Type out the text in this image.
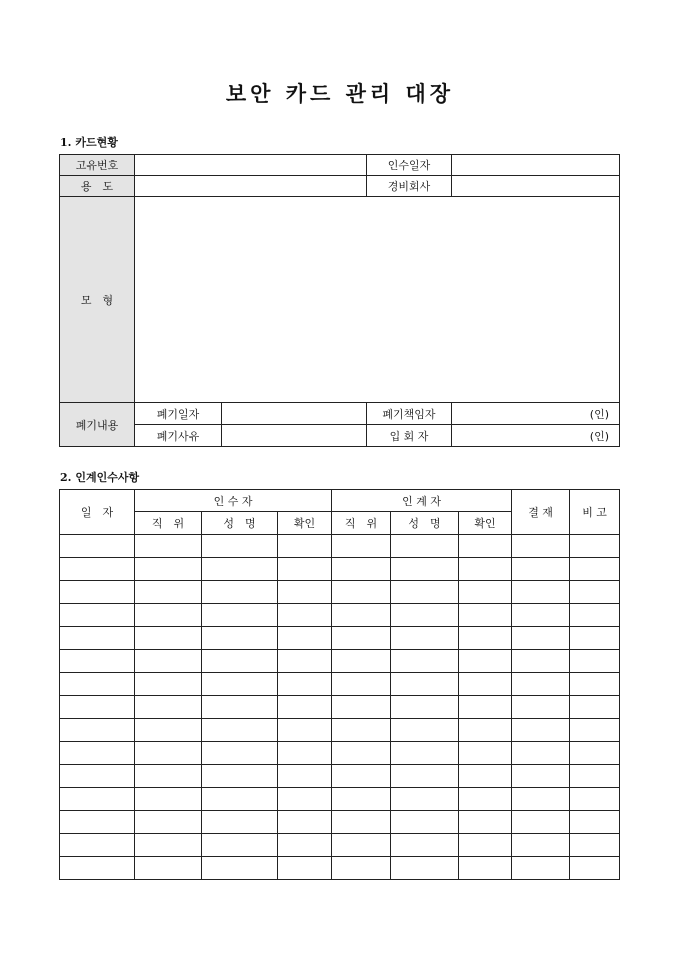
보안 카드 관리 대장
1. 카드현황
고유번호			인수일자	
용　도			경비회사	
모　형				
폐기내용	폐기일자		폐기책임자	(인)
	폐기사유		입 회 자	(인)
2. 인계인수사항
일　자	인 수 자			인 계 자			결 재	비 고
	직　위	성　명	확인	직　위	성　명	확인		
